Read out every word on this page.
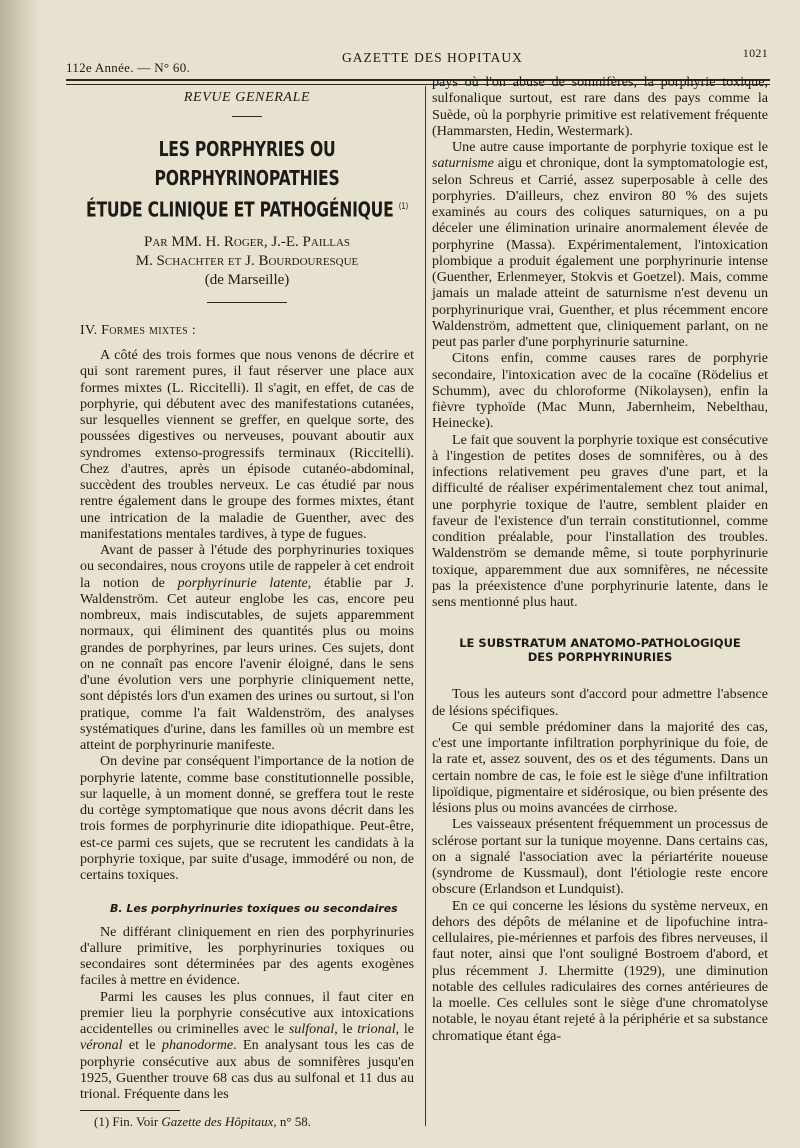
112e Année. — N° 60.
GAZETTE DES HOPITAUX	1021
REVUE GENERALE
LES PORPHYRIES OU PORPHYRINOPATHIES
ÉTUDE CLINIQUE ET PATHOGÉNIQUE $^{(1)}$
Par MM. H. Roger, J.-E. Paillas
M. Schachter et J. Bourdouresque
(de Marseille)
IV. Formes mixtes :

A côté des trois formes que nous venons de décrire et qui sont rarement pures, il faut réserver une place aux formes mixtes (L. Riccitelli). Il s'agit, en effet, de cas de porphyrie, qui débutent avec des manifestations cutanées, sur lesquelles viennent se greffer, en quelque sorte, des poussées digestives ou nerveuses, pouvant aboutir aux syndromes extenso-progressifs terminaux (Riccitelli). Chez d'autres, après un épisode cutanéo-abdominal, succèdent des troubles nerveux. Le cas étudié par nous rentre également dans le groupe des formes mixtes, étant une intrication de la maladie de Guenther, avec des manifestations mentales tardives, à type de fugues.

Avant de passer à l'étude des porphyrinuries toxiques ou secondaires, nous croyons utile de rappeler à cet endroit la notion de porphyrinurie latente, établie par J. Waldenström. Cet auteur englobe les cas, encore peu nombreux, mais indiscutables, de sujets apparemment normaux, qui éliminent des quantités plus ou moins grandes de porphyrines, par leurs urines. Ces sujets, dont on ne connaît pas encore l'avenir éloigné, dans le sens d'une évolution vers une porphyrie cliniquement nette, sont dépistés lors d'un examen des urines ou surtout, si l'on pratique, comme l'a fait Waldenström, des analyses systématiques d'urine, dans les familles où un membre est atteint de porphyrinurie manifeste.

On devine par conséquent l'importance de la notion de porphyrie latente, comme base constitutionnelle possible, sur laquelle, à un moment donné, se greffera tout le reste du cortège symptomatique que nous avons décrit dans les trois formes de porphyrinurie dite idiopathique. Peut-être, est-ce parmi ces sujets, que se recrutent les candidats à la porphyrie toxique, par suite d'usage, immodéré ou non, de certains toxiques.

B. Les porphyrinuries toxiques ou secondaires

Ne différant cliniquement en rien des porphyrinuries d'allure primitive, les porphyrinuries toxiques ou secondaires sont déterminées par des agents exogènes faciles à mettre en évidence.

Parmi les causes les plus connues, il faut citer en premier lieu la porphyrie consécutive aux intoxications accidentelles ou criminelles avec le sulfonal, le trional, le véronal et le phanodorme. En analysant tous les cas de porphyrie consécutive aux abus de somnifères jusqu'en 1925, Guenther trouve 68 cas dus au sulfonal et 11 dus au trional. Fréquente dans les

(1) Fin. Voir Gazette des Hôpitaux, n° 58.

pays où l'on abuse de somnifères, la porphyrie toxique, sulfonalique surtout, est rare dans des pays comme la Suède, où la porphyrie primitive est relativement fréquente (Hammarsten, Hedin, Westermark).

Une autre cause importante de porphyrie toxique est le saturnisme aigu et chronique, dont la symptomatologie est, selon Schreus et Carrié, assez superposable à celle des porphyries. D'ailleurs, chez environ 80 % des sujets examinés au cours des coliques saturniques, on a pu déceler une élimination urinaire anormalement élevée de porphyrine (Massa). Expérimentalement, l'intoxication plombique a produit également une porphyrinurie intense (Guenther, Erlenmeyer, Stokvis et Goetzel). Mais, comme jamais un malade atteint de saturnisme n'est devenu un porphyrinurique vrai, Guenther, et plus récemment encore Waldenström, admettent que, cliniquement parlant, on ne peut pas parler d'une porphyrinurie saturnine.

Citons enfin, comme causes rares de porphyrie secondaire, l'intoxication avec de la cocaïne (Rödelius et Schumm), avec du chloroforme (Nikolaysen), enfin la fièvre typhoïde (Mac Munn, Jabernheim, Nebelthau, Heinecke).

Le fait que souvent la porphyrie toxique est consécutive à l'ingestion de petites doses de somnifères, ou à des infections relativement peu graves d'une part, et la difficulté de réaliser expérimentalement chez tout animal, une porphyrie toxique de l'autre, semblent plaider en faveur de l'existence d'un terrain constitutionnel, comme condition préalable, pour l'installation des troubles. Waldenström se demande même, si toute porphyrinurie toxique, apparemment due aux somnifères, ne nécessite pas la préexistence d'une porphyrinurie latente, dans le sens mentionné plus haut.

LE SUBSTRATUM ANATOMO-PATHOLOGIQUE
DES PORPHYRINURIES

Tous les auteurs sont d'accord pour admettre l'absence de lésions spécifiques.

Ce qui semble prédominer dans la majorité des cas, c'est une importante infiltration porphyrinique du foie, de la rate et, assez souvent, des os et des téguments. Dans un certain nombre de cas, le foie est le siège d'une infiltration lipoïdique, pigmentaire et sidérosique, ou bien présente des lésions plus ou moins avancées de cirrhose.

Les vaisseaux présentent fréquemment un processus de sclérose portant sur la tunique moyenne. Dans certains cas, on a signalé l'association avec la périartérite noueuse (syndrome de Kussmaul), dont l'étiologie reste encore obscure (Erlandson et Lundquist).

En ce qui concerne les lésions du système nerveux, en dehors des dépôts de mélanine et de lipofuchine intra-cellulaires, pie-mériennes et parfois des fibres nerveuses, il faut noter, ainsi que l'ont souligné Bostroem d'abord, et plus récemment J. Lhermitte (1929), une diminution notable des cellules radiculaires des cornes antérieures de la moelle. Ces cellules sont le siège d'une chromatolyse notable, le noyau étant rejeté à la périphérie et sa substance chromatique étant éga-
